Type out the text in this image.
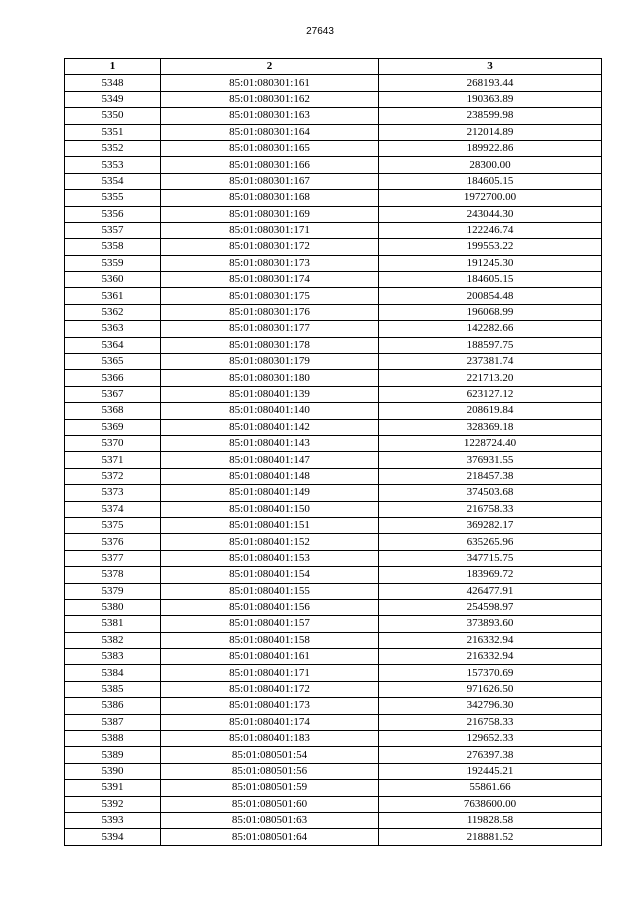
27643
1	2	3
5348	85:01:080301:161	268193.44
5349	85:01:080301:162	190363.89
5350	85:01:080301:163	238599.98
5351	85:01:080301:164	212014.89
5352	85:01:080301:165	189922.86
5353	85:01:080301:166	28300.00
5354	85:01:080301:167	184605.15
5355	85:01:080301:168	1972700.00
5356	85:01:080301:169	243044.30
5357	85:01:080301:171	122246.74
5358	85:01:080301:172	199553.22
5359	85:01:080301:173	191245.30
5360	85:01:080301:174	184605.15
5361	85:01:080301:175	200854.48
5362	85:01:080301:176	196068.99
5363	85:01:080301:177	142282.66
5364	85:01:080301:178	188597.75
5365	85:01:080301:179	237381.74
5366	85:01:080301:180	221713.20
5367	85:01:080401:139	623127.12
5368	85:01:080401:140	208619.84
5369	85:01:080401:142	328369.18
5370	85:01:080401:143	1228724.40
5371	85:01:080401:147	376931.55
5372	85:01:080401:148	218457.38
5373	85:01:080401:149	374503.68
5374	85:01:080401:150	216758.33
5375	85:01:080401:151	369282.17
5376	85:01:080401:152	635265.96
5377	85:01:080401:153	347715.75
5378	85:01:080401:154	183969.72
5379	85:01:080401:155	426477.91
5380	85:01:080401:156	254598.97
5381	85:01:080401:157	373893.60
5382	85:01:080401:158	216332.94
5383	85:01:080401:161	216332.94
5384	85:01:080401:171	157370.69
5385	85:01:080401:172	971626.50
5386	85:01:080401:173	342796.30
5387	85:01:080401:174	216758.33
5388	85:01:080401:183	129652.33
5389	85:01:080501:54	276397.38
5390	85:01:080501:56	192445.21
5391	85:01:080501:59	55861.66
5392	85:01:080501:60	7638600.00
5393	85:01:080501:63	119828.58
5394	85:01:080501:64	218881.52
